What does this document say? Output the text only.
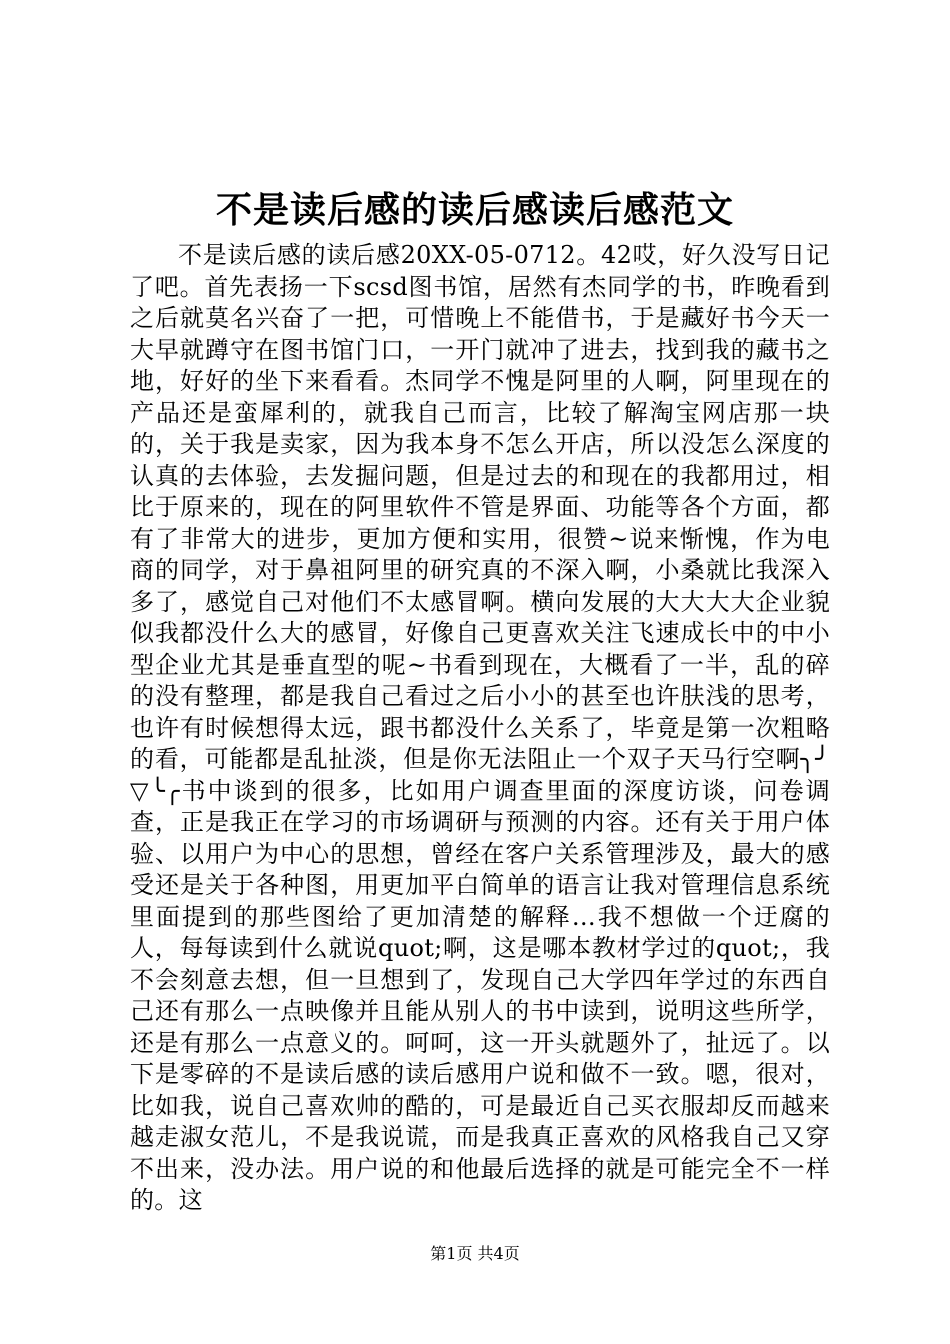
不是读后感的读后感读后感范文

不是读后感的读后感20XX-05-0712。42哎，好久没写日记了吧。首先表扬一下scsd图书馆，居然有杰同学的书，昨晚看到之后就莫名兴奋了一把，可惜晚上不能借书，于是藏好书今天一大早就蹲守在图书馆门口，一开门就冲了进去，找到我的藏书之地，好好的坐下来看看。杰同学不愧是阿里的人啊，阿里现在的产品还是蛮犀利的，就我自己而言，比较了解淘宝网店那一块的，关于我是卖家，因为我本身不怎么开店，所以没怎么深度的认真的去体验，去发掘问题，但是过去的和现在的我都用过，相比于原来的，现在的阿里软件不管是界面、功能等各个方面，都有了非常大的进步，更加方便和实用，很赞~说来惭愧，作为电商的同学，对于鼻祖阿里的研究真的不深入啊，小桑就比我深入多了，感觉自己对他们不太感冒啊。横向发展的大大大大企业貌似我都没什么大的感冒，好像自己更喜欢关注飞速成长中的中小型企业尤其是垂直型的呢~书看到现在，大概看了一半，乱的碎的没有整理，都是我自己看过之后小小的甚至也许肤浅的思考，也许有时候想得太远，跟书都没什么关系了，毕竟是第一次粗略的看，可能都是乱扯淡，但是你无法阻止一个双子天马行空啊╮╯▽╰╭书中谈到的很多，比如用户调查里面的深度访谈，问卷调查，正是我正在学习的市场调研与预测的内容。还有关于用户体验、以用户为中心的思想，曾经在客户关系管理涉及，最大的感受还是关于各种图，用更加平白简单的语言让我对管理信息系统里面提到的那些图给了更加清楚的解释…我不想做一个迂腐的人，每每读到什么就说quot;啊，这是哪本教材学过的quot;，我不会刻意去想，但一旦想到了，发现自己大学四年学过的东西自己还有那么一点映像并且能从别人的书中读到，说明这些所学，还是有那么一点意义的。呵呵，这一开头就题外了，扯远了。以下是零碎的不是读后感的读后感用户说和做不一致。嗯，很对，比如我，说自己喜欢帅的酷的，可是最近自己买衣服却反而越来越走淑女范儿，不是我说谎，而是我真正喜欢的风格我自己又穿不出来，没办法。用户说的和他最后选择的就是可能完全不一样的。这

第1页 共4页
